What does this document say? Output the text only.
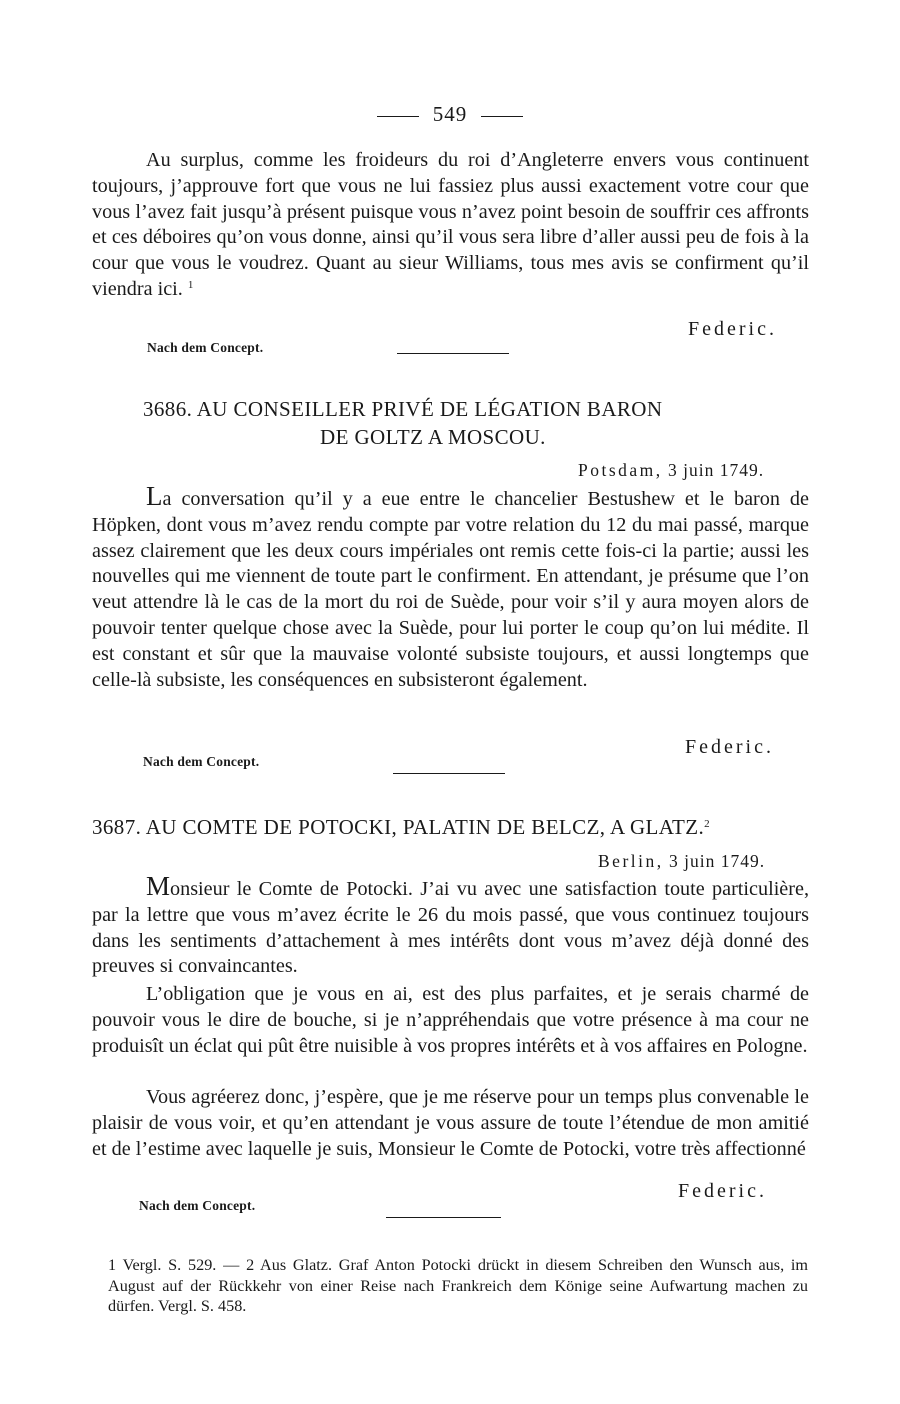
549

Au surplus, comme les froideurs du roi d’Angleterre envers vous continuent toujours, j’approuve fort que vous ne lui fassiez plus aussi exactement votre cour que vous l’avez fait jusqu’à présent puisque vous n’avez point besoin de souffrir ces affronts et ces déboires qu’on vous donne, ainsi qu’il vous sera libre d’aller aussi peu de fois à la cour que vous le voudrez. Quant au sieur Williams, tous mes avis se confirment qu’il viendra ici. $^1$

Federic.
Nach dem Concept.
3686. AU CONSEILLER PRIVÉ DE LÉGATION BARON
DE GOLTZ A MOSCOU.
Potsdam, 3 juin 1749.

La conversation qu’il y a eue entre le chancelier Bestushew et le baron de Höpken, dont vous m’avez rendu compte par votre relation du 12 du mai passé, marque assez clairement que les deux cours impériales ont remis cette fois-ci la partie; aussi les nouvelles qui me viennent de toute part le confirment. En attendant, je présume que l’on veut attendre là le cas de la mort du roi de Suède, pour voir s’il y aura moyen alors de pouvoir tenter quelque chose avec la Suède, pour lui porter le coup qu’on lui médite. Il est constant et sûr que la mauvaise volonté subsiste toujours, et aussi longtemps que celle-là subsiste, les conséquences en subsisteront également.

Federic.
Nach dem Concept.
3687. AU COMTE DE POTOCKI, PALATIN DE BELCZ, A GLATZ.$^2$
Berlin, 3 juin 1749.

Monsieur le Comte de Potocki. J’ai vu avec une satisfaction toute particulière, par la lettre que vous m’avez écrite le 26 du mois passé, que vous continuez toujours dans les sentiments d’attachement à mes intérêts dont vous m’avez déjà donné des preuves si convaincantes.

L’obligation que je vous en ai, est des plus parfaites, et je serais charmé de pouvoir vous le dire de bouche, si je n’appréhendais que votre présence à ma cour ne produisît un éclat qui pût être nuisible à vos propres intérêts et à vos affaires en Pologne.

Vous agréerez donc, j’espère, que je me réserve pour un temps plus convenable le plaisir de vous voir, et qu’en attendant je vous assure de toute l’étendue de mon amitié et de l’estime avec laquelle je suis, Monsieur le Comte de Potocki, votre très affectionné

Federic.
Nach dem Concept.

1 Vergl. S. 529. — 2 Aus Glatz. Graf Anton Potocki drückt in diesem Schreiben den Wunsch aus, im August auf der Rückkehr von einer Reise nach Frankreich dem Könige seine Aufwartung machen zu dürfen. Vergl. S. 458.
